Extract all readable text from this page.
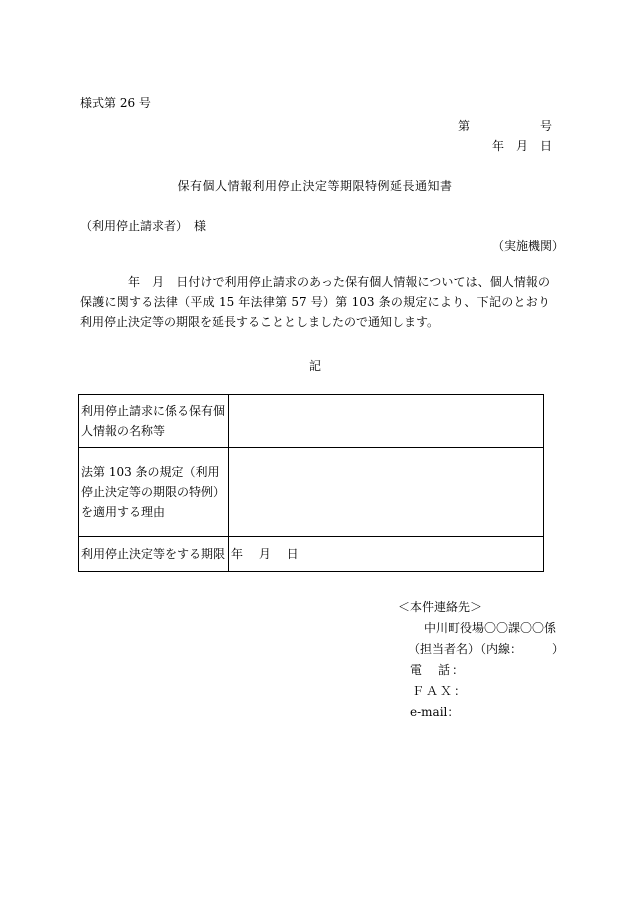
様式第 26 号
第	号
年 月 日
保有個人情報利用停止決定等期限特例延長通知書
（利用停止請求者）　様
（実施機関）
年　月　日付けで利用停止請求のあった保有個人情報については、個人情報の保護に関する法律（平成 15 年法律第 57 号）第 103 条の規定により、下記のとおり利用停止決定等の期限を延長することとしましたので通知します。
記
利用停止請求に係る保有個人情報の名称等	
法第 103 条の規定（利用停止決定等の期限の特例）を適用する理由	
利用停止決定等をする期限	年　 月　 日
＜本件連絡先＞
中川町役場〇〇課〇〇係
（担当者名）（内線：　　　）
電　話：
ＦＡＸ：
e-mail：
